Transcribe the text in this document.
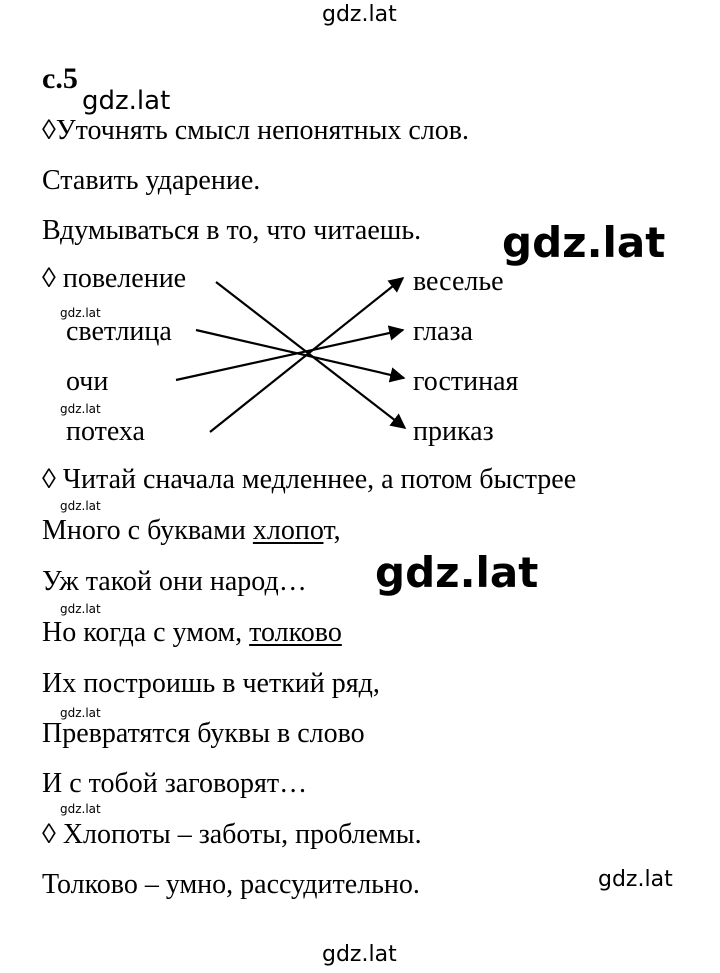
gdz.lat
gdz.lat
gdz.lat
gdz.lat
gdz.lat
gdz.lat
gdz.lat
gdz.lat
gdz.lat
gdz.lat
gdz.lat
gdz.lat
с.5
◊Уточнять смысл непонятных слов.
Ставить ударение.
Вдумываться в то, что читаешь.
◊ повеление
светлица
очи
потеха
веселье
глаза
гостиная
приказ
◊ Читай сначала медленнее, а потом быстрее
Много с буквами хлопот,
Уж такой они народ…
Но когда с умом, толково
Их построишь в четкий ряд,
Превратятся буквы в слово
И с тобой заговорят…
◊ Хлопоты – заботы, проблемы.
Толково – умно, рассудительно.
